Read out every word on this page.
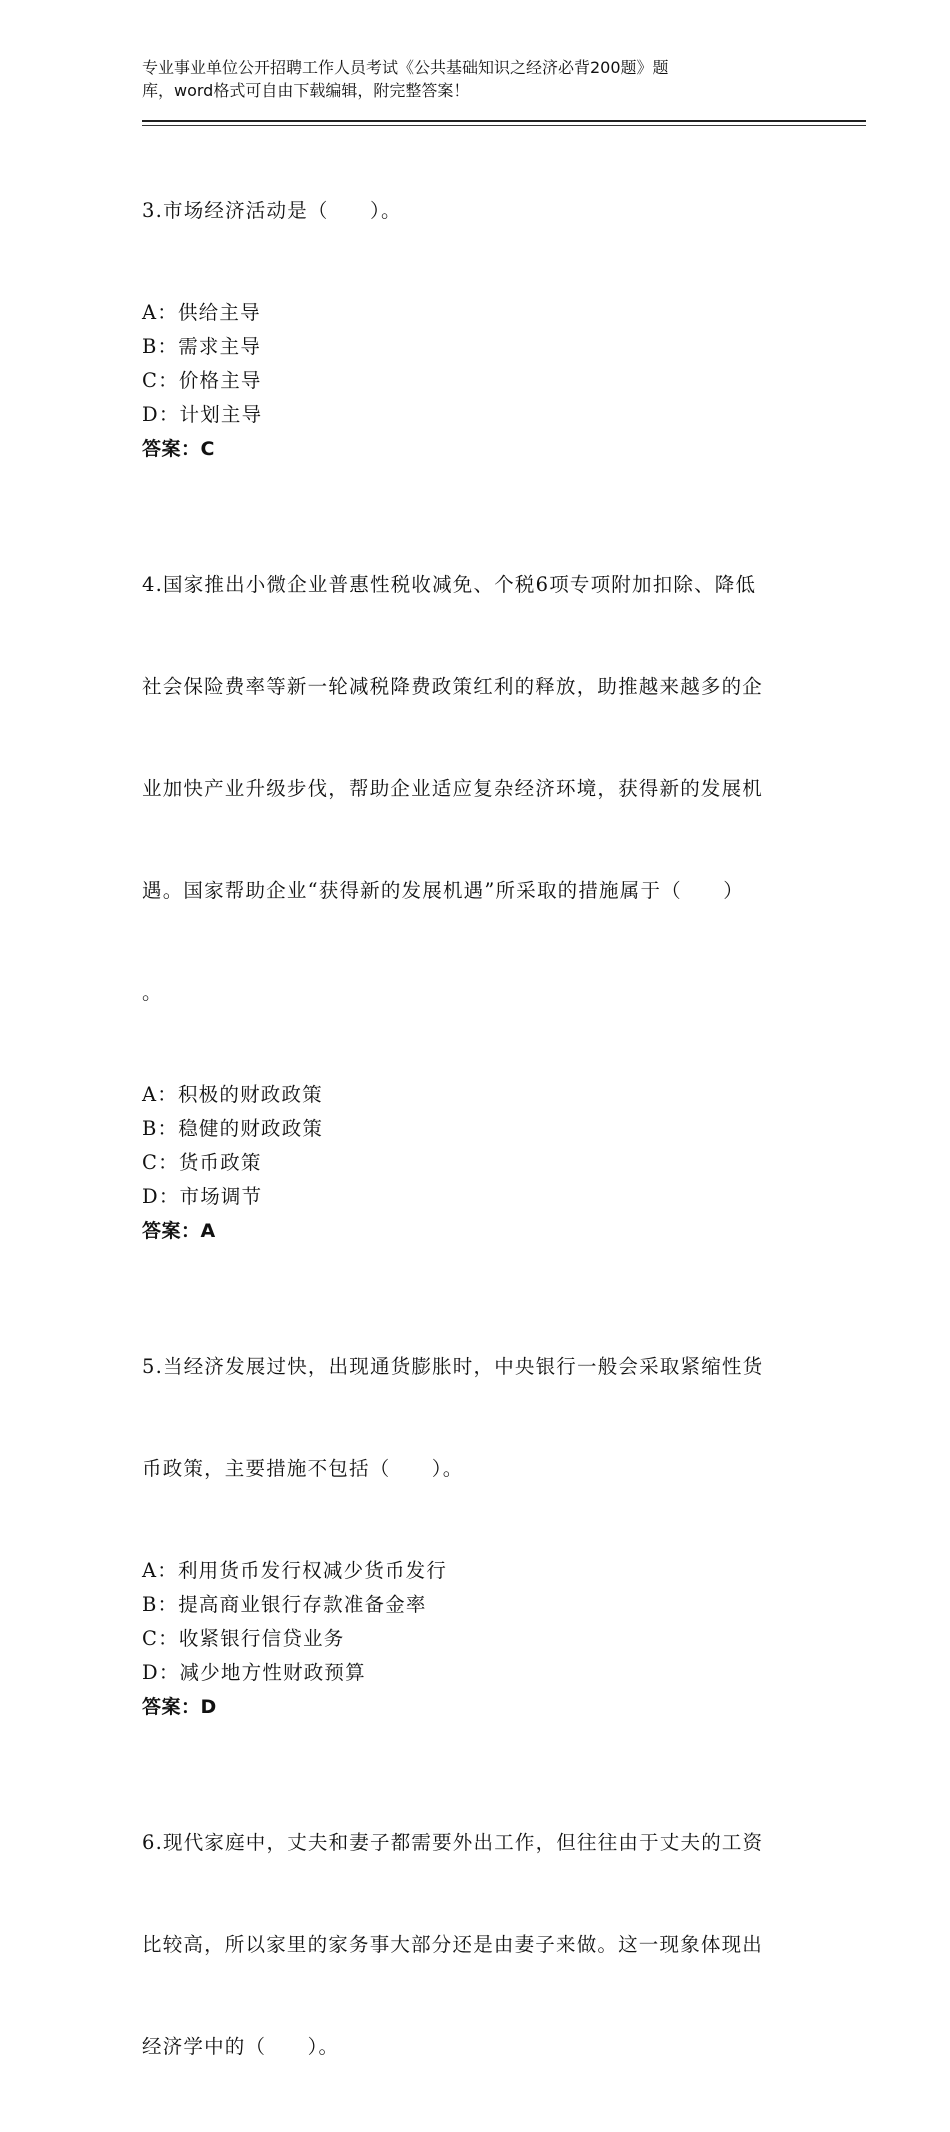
专业事业单位公开招聘工作人员考试《公共基础知识之经济必背200题》题
库，word格式可自由下载编辑，附完整答案！

3.市场经济活动是（　　）。

A：供给主导
B：需求主导
C：价格主导
D：计划主导
答案：C

4.国家推出小微企业普惠性税收减免、个税6项专项附加扣除、降低

社会保险费率等新一轮减税降费政策红利的释放，助推越来越多的企

业加快产业升级步伐，帮助企业适应复杂经济环境，获得新的发展机

遇。国家帮助企业“获得新的发展机遇”所采取的措施属于（　　）

。

A：积极的财政政策
B：稳健的财政政策
C：货币政策
D：市场调节
答案：A

5.当经济发展过快，出现通货膨胀时，中央银行一般会采取紧缩性货

币政策，主要措施不包括（　　）。

A：利用货币发行权减少货币发行
B：提高商业银行存款准备金率
C：收紧银行信贷业务
D：减少地方性财政预算
答案：D

6.现代家庭中，丈夫和妻子都需要外出工作，但往往由于丈夫的工资

比较高，所以家里的家务事大部分还是由妻子来做。这一现象体现出

经济学中的（　　）。
